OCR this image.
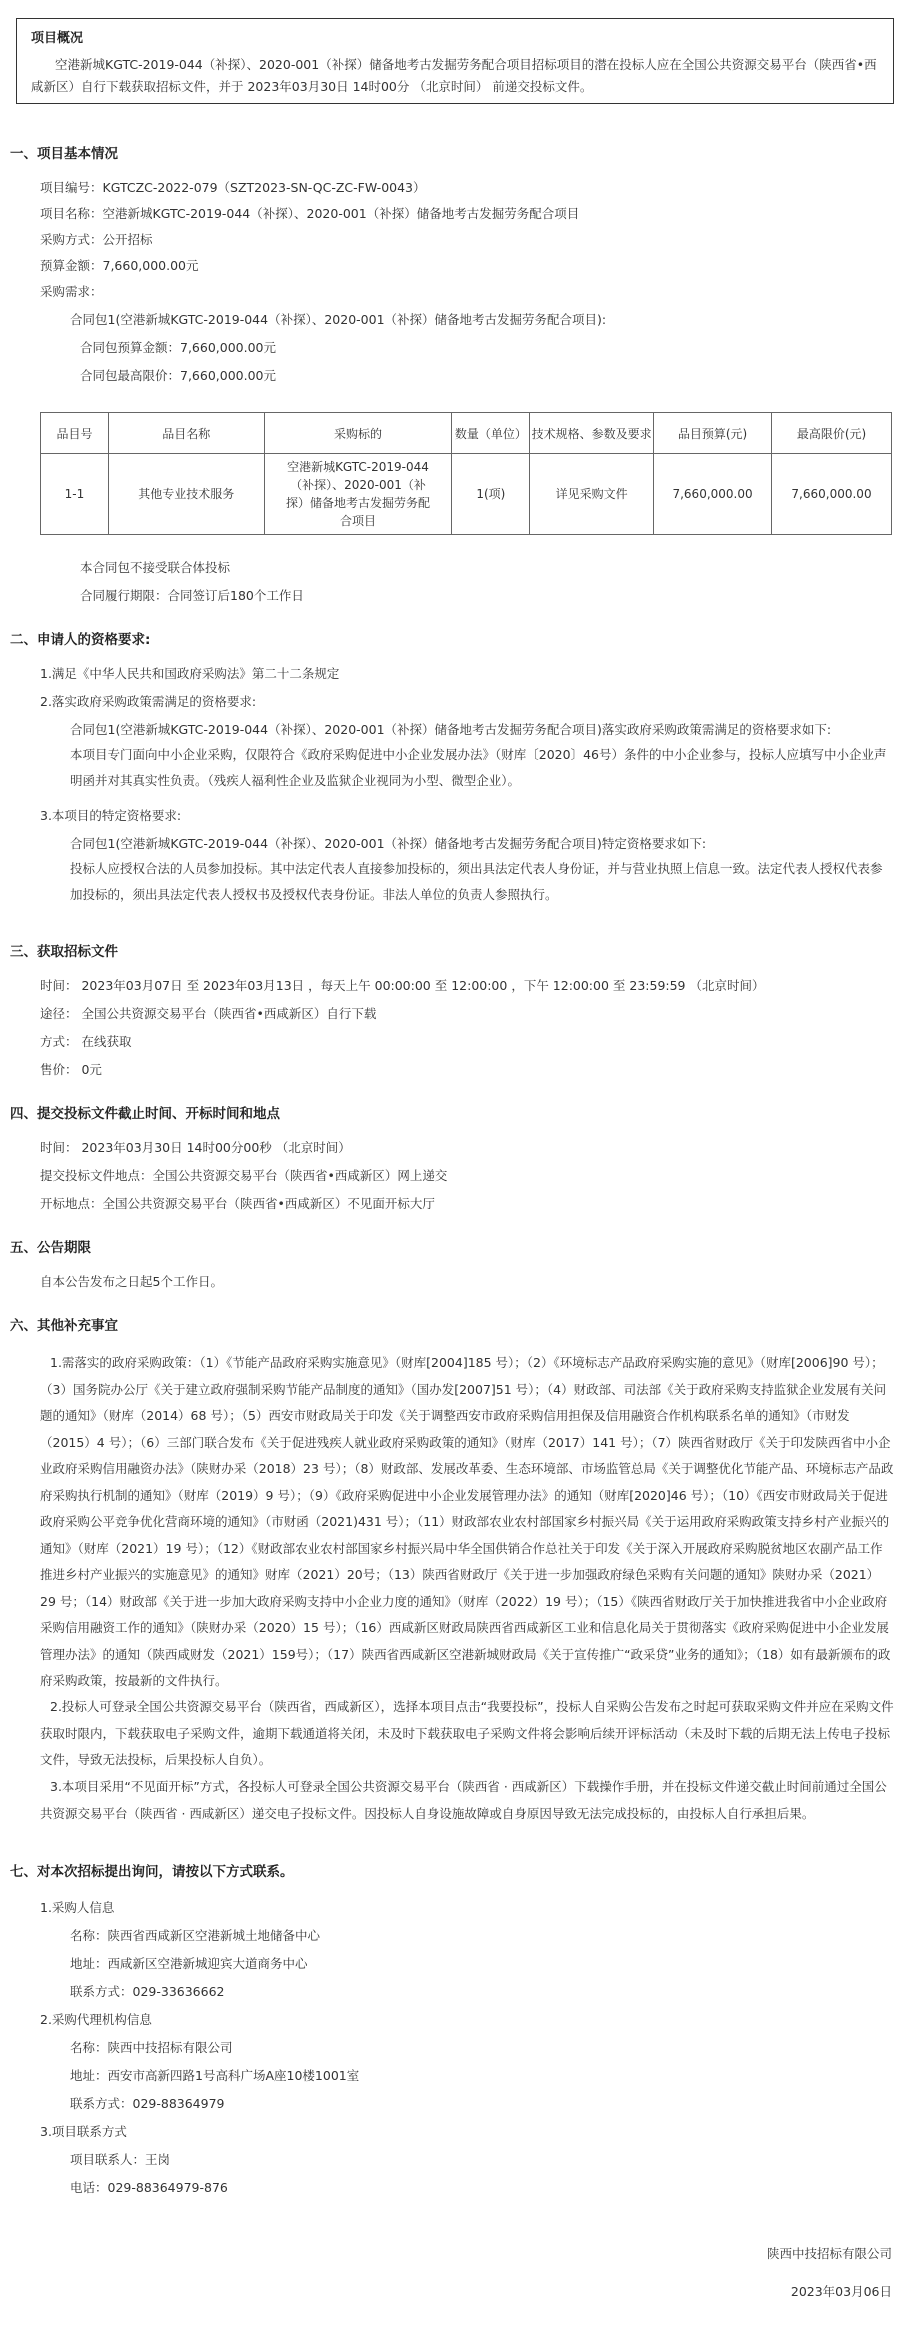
项目概况
空港新城KGTC-2019-044（补探）、2020-001（补探）储备地考古发掘劳务配合项目招标项目的潜在投标人应在全国公共资源交易平台（陕西省•西咸新区）自行下载获取招标文件，并于 2023年03月30日 14时00分 （北京时间） 前递交投标文件。
一、项目基本情况
项目编号：KGTCZC-2022-079（SZT2023-SN-QC-ZC-FW-0043）
项目名称：空港新城KGTC-2019-044（补探）、2020-001（补探）储备地考古发掘劳务配合项目
采购方式：公开招标
预算金额：7,660,000.00元
采购需求：
合同包1(空港新城KGTC-2019-044（补探）、2020-001（补探）储备地考古发掘劳务配合项目):
合同包预算金额：7,660,000.00元
合同包最高限价：7,660,000.00元
品目号	品目名称	采购标的	数量（单位）	技术规格、参数及要求	品目预算(元)	最高限价(元)
1-1	其他专业技术服务	空港新城KGTC-2019-044（补探）、2020-001（补探）储备地考古发掘劳务配合项目	1(项)	详见采购文件	7,660,000.00	7,660,000.00
本合同包不接受联合体投标
合同履行期限：合同签订后180个工作日
二、申请人的资格要求:
1.满足《中华人民共和国政府采购法》第二十二条规定
2.落实政府采购政策需满足的资格要求:
合同包1(空港新城KGTC-2019-044（补探）、2020-001（补探）储备地考古发掘劳务配合项目)落实政府采购政策需满足的资格要求如下:
本项目专门面向中小企业采购，仅限符合《政府采购促进中小企业发展办法》（财库〔2020〕46号）条件的中小企业参与，投标人应填写中小企业声明函并对其真实性负责。（残疾人福利性企业及监狱企业视同为小型、微型企业）。
3.本项目的特定资格要求:
合同包1(空港新城KGTC-2019-044（补探）、2020-001（补探）储备地考古发掘劳务配合项目)特定资格要求如下:
投标人应授权合法的人员参加投标。其中法定代表人直接参加投标的，须出具法定代表人身份证，并与营业执照上信息一致。法定代表人授权代表参加投标的，须出具法定代表人授权书及授权代表身份证。非法人单位的负责人参照执行。
三、获取招标文件
时间： 2023年03月07日 至 2023年03月13日 ，每天上午 00:00:00 至 12:00:00 ，下午 12:00:00 至 23:59:59 （北京时间）
途径： 全国公共资源交易平台（陕西省•西咸新区）自行下载
方式： 在线获取
售价： 0元
四、提交投标文件截止时间、开标时间和地点
时间： 2023年03月30日 14时00分00秒 （北京时间）
提交投标文件地点：全国公共资源交易平台（陕西省•西咸新区）网上递交
开标地点：全国公共资源交易平台（陕西省•西咸新区）不见面开标大厅
五、公告期限
自本公告发布之日起5个工作日。
六、其他补充事宜
1.需落实的政府采购政策：（1）《节能产品政府采购实施意见》（财库[2004]185 号）；（2）《环境标志产品政府采购实施的意见》（财库[2006]90 号）；（3）国务院办公厅《关于建立政府强制采购节能产品制度的通知》（国办发[2007]51 号）；（4）财政部、司法部《关于政府采购支持监狱企业发展有关问题的通知》（财库（2014）68 号）；（5）西安市财政局关于印发《关于调整西安市政府采购信用担保及信用融资合作机构联系名单的通知》（市财发（2015）4 号）；（6）三部门联合发布《关于促进残疾人就业政府采购政策的通知》（财库（2017）141 号）；（7）陕西省财政厅《关于印发陕西省中小企业政府采购信用融资办法》（陕财办采（2018）23 号）；（8）财政部、发展改革委、生态环境部、市场监管总局《关于调整优化节能产品、环境标志产品政府采购执行机制的通知》（财库（2019）9 号）；（9）《政府采购促进中小企业发展管理办法》的通知（财库[2020]46 号）；（10）《西安市财政局关于促进政府采购公平竞争优化营商环境的通知》（市财函（2021)431 号）；（11）财政部农业农村部国家乡村振兴局《关于运用政府采购政策支持乡村产业振兴的通知》（财库（2021）19 号）；（12）《财政部农业农村部国家乡村振兴局中华全国供销合作总社关于印发《关于深入开展政府采购脱贫地区农副产品工作推进乡村产业振兴的实施意见》的通知》财库（2021）20号；（13）陕西省财政厅《关于进一步加强政府绿色采购有关问题的通知》陕财办采（2021）29 号；（14）财政部《关于进一步加大政府采购支持中小企业力度的通知》（财库（2022）19 号）；（15）《陕西省财政厅关于加快推进我省中小企业政府采购信用融资工作的通知》（陕财办采（2020）15 号）；（16）西咸新区财政局陕西省西咸新区工业和信息化局关于贯彻落实《政府采购促进中小企业发展管理办法》的通知（陕西咸财发（2021）159号）；（17）陕西省西咸新区空港新城财政局《关于宣传推广“政采贷”业务的通知》；（18）如有最新颁布的政府采购政策，按最新的文件执行。
2.投标人可登录全国公共资源交易平台（陕西省，西咸新区），选择本项目点击“我要投标”，投标人自采购公告发布之时起可获取采购文件并应在采购文件获取时限内，下载获取电子采购文件，逾期下载通道将关闭，未及时下载获取电子采购文件将会影响后续开评标活动（未及时下载的后期无法上传电子投标文件，导致无法投标，后果投标人自负）。
3.本项目采用“不见面开标”方式，各投标人可登录全国公共资源交易平台（陕西省 · 西咸新区）下载操作手册，并在投标文件递交截止时间前通过全国公共资源交易平台（陕西省 · 西咸新区）递交电子投标文件。因投标人自身设施故障或自身原因导致无法完成投标的，由投标人自行承担后果。
七、对本次招标提出询问，请按以下方式联系。
1.采购人信息
名称：陕西省西咸新区空港新城土地储备中心
地址：西咸新区空港新城迎宾大道商务中心
联系方式：029-33636662
2.采购代理机构信息
名称：陕西中技招标有限公司
地址：西安市高新四路1号高科广场A座10楼1001室
联系方式：029-88364979
3.项目联系方式
项目联系人：王岗
电话：029-88364979-876
陕西中技招标有限公司
2023年03月06日
